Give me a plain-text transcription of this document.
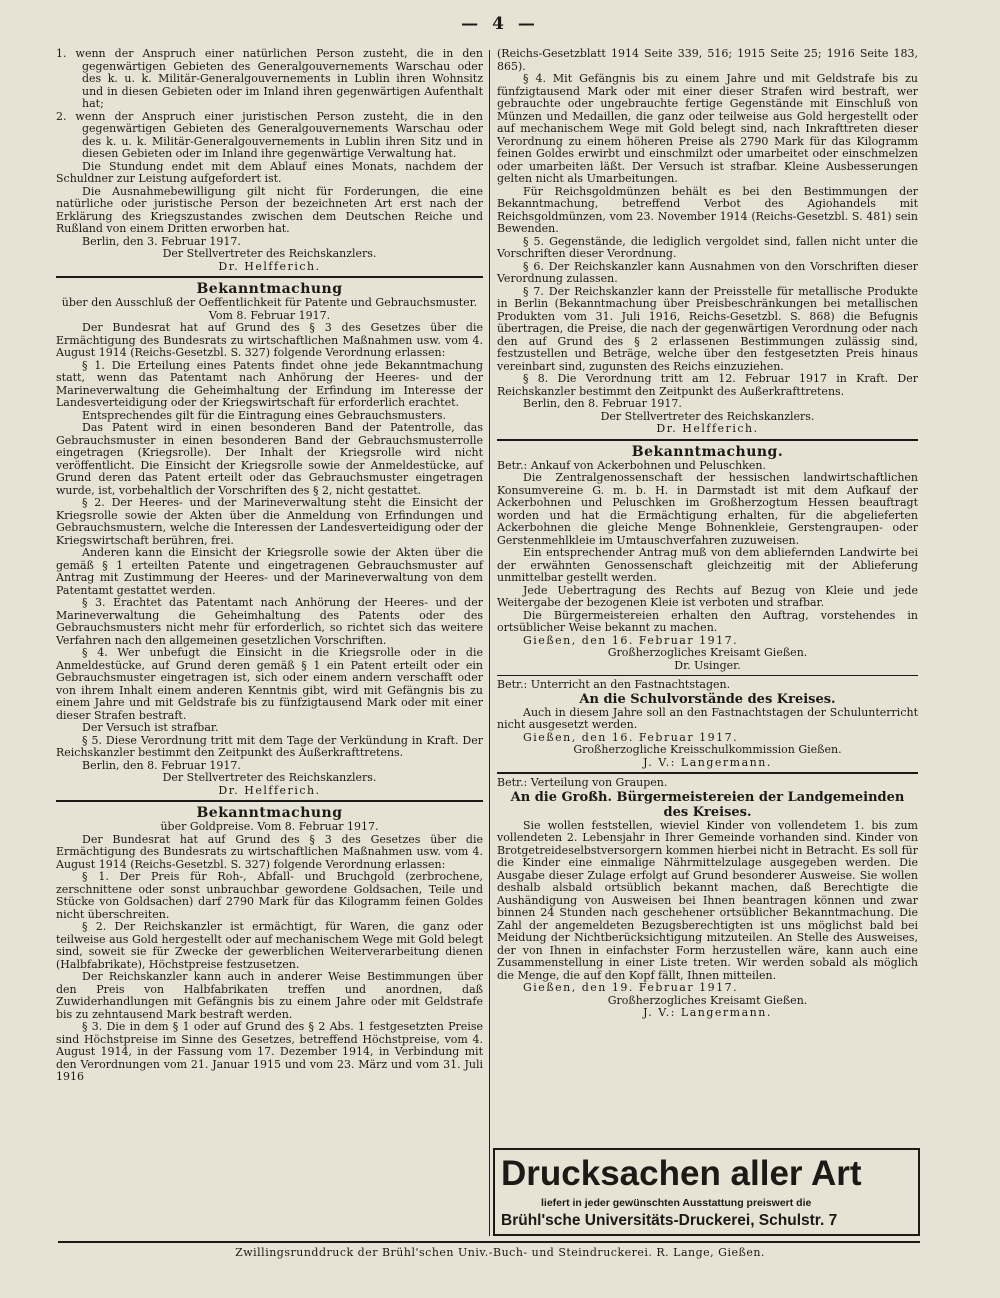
— 4 —

1. wenn der Anspruch einer natürlichen Person zusteht, die in den gegenwärtigen Gebieten des Generalgouvernements Warschau oder des k. u. k. Militär-Generalgouvernements in Lublin ihren Wohnsitz und in diesen Gebieten oder im Inland ihren gegenwärtigen Aufenthalt hat;

2. wenn der Anspruch einer juristischen Person zusteht, die in den gegenwärtigen Gebieten des Generalgouvernements Warschau oder des k. u. k. Militär-Generalgouvernements in Lublin ihren Sitz und in diesen Gebieten oder im Inland ihre gegenwärtige Verwaltung hat.

Die Stundung endet mit dem Ablauf eines Monats, nachdem der Schuldner zur Leistung aufgefordert ist.

Die Ausnahmebewilligung gilt nicht für Forderungen, die eine natürliche oder juristische Person der bezeichneten Art erst nach der Erklärung des Kriegszustandes zwischen dem Deutschen Reiche und Rußland von einem Dritten erworben hat.

Berlin, den 3. Februar 1917.

Der Stellvertreter des Reichskanzlers.

Dr. Helfferich.

Bekanntmachung

über den Ausschluß der Oeffentlichkeit für Patente und Gebrauchsmuster. Vom 8. Februar 1917.

Der Bundesrat hat auf Grund des § 3 des Gesetzes über die Ermächtigung des Bundesrats zu wirtschaftlichen Maßnahmen usw. vom 4. August 1914 (Reichs-Gesetzbl. S. 327) folgende Verordnung erlassen:

§ 1. Die Erteilung eines Patents findet ohne jede Bekanntmachung statt, wenn das Patentamt nach Anhörung der Heeres- und der Marineverwaltung die Geheimhaltung der Erfindung im Interesse der Landesverteidigung oder der Kriegswirtschaft für erforderlich erachtet.

Entsprechendes gilt für die Eintragung eines Gebrauchsmusters.

Das Patent wird in einen besonderen Band der Patentrolle, das Gebrauchsmuster in einen besonderen Band der Gebrauchsmusterrolle eingetragen (Kriegsrolle). Der Inhalt der Kriegsrolle wird nicht veröffentlicht. Die Einsicht der Kriegsrolle sowie der Anmeldestücke, auf Grund deren das Patent erteilt oder das Gebrauchsmuster eingetragen wurde, ist, vorbehaltlich der Vorschriften des § 2, nicht gestattet.

§ 2. Der Heeres- und der Marineverwaltung steht die Einsicht der Kriegsrolle sowie der Akten über die Anmeldung von Erfindungen und Gebrauchsmustern, welche die Interessen der Landesverteidigung oder der Kriegswirtschaft berühren, frei.

Anderen kann die Einsicht der Kriegsrolle sowie der Akten über die gemäß § 1 erteilten Patente und eingetragenen Gebrauchsmuster auf Antrag mit Zustimmung der Heeres- und der Marineverwaltung von dem Patentamt gestattet werden.

§ 3. Erachtet das Patentamt nach Anhörung der Heeres- und der Marineverwaltung die Geheimhaltung des Patents oder des Gebrauchsmusters nicht mehr für erforderlich, so richtet sich das weitere Verfahren nach den allgemeinen gesetzlichen Vorschriften.

§ 4. Wer unbefugt die Einsicht in die Kriegsrolle oder in die Anmeldestücke, auf Grund deren gemäß § 1 ein Patent erteilt oder ein Gebrauchsmuster eingetragen ist, sich oder einem andern verschafft oder von ihrem Inhalt einem anderen Kenntnis gibt, wird mit Gefängnis bis zu einem Jahre und mit Geldstrafe bis zu fünfzigtausend Mark oder mit einer dieser Strafen bestraft.

Der Versuch ist strafbar.

§ 5. Diese Verordnung tritt mit dem Tage der Verkündung in Kraft. Der Reichskanzler bestimmt den Zeitpunkt des Außerkrafttretens.

Berlin, den 8. Februar 1917.

Der Stellvertreter des Reichskanzlers.

Dr. Helfferich.

Bekanntmachung

über Goldpreise. Vom 8. Februar 1917.

Der Bundesrat hat auf Grund des § 3 des Gesetzes über die Ermächtigung des Bundesrats zu wirtschaftlichen Maßnahmen usw. vom 4. August 1914 (Reichs-Gesetzbl. S. 327) folgende Verordnung erlassen:

§ 1. Der Preis für Roh-, Abfall- und Bruchgold (zerbrochene, zerschnittene oder sonst unbrauchbar gewordene Goldsachen, Teile und Stücke von Goldsachen) darf 2790 Mark für das Kilogramm feinen Goldes nicht überschreiten.

§ 2. Der Reichskanzler ist ermächtigt, für Waren, die ganz oder teilweise aus Gold hergestellt oder auf mechanischem Wege mit Gold belegt sind, soweit sie für Zwecke der gewerblichen Weiterverarbeitung dienen (Halbfabrikate), Höchstpreise festzusetzen.

Der Reichskanzler kann auch in anderer Weise Bestimmungen über den Preis von Halbfabrikaten treffen und anordnen, daß Zuwiderhandlungen mit Gefängnis bis zu einem Jahre oder mit Geldstrafe bis zu zehntausend Mark bestraft werden.

§ 3. Die in dem § 1 oder auf Grund des § 2 Abs. 1 festgesetzten Preise sind Höchstpreise im Sinne des Gesetzes, betreffend Höchstpreise, vom 4. August 1914, in der Fassung vom 17. Dezember 1914, in Verbindung mit den Verordnungen vom 21. Januar 1915 und vom 23. März und vom 31. Juli 1916

(Reichs-Gesetzblatt 1914 Seite 339, 516; 1915 Seite 25; 1916 Seite 183, 865).

§ 4. Mit Gefängnis bis zu einem Jahre und mit Geldstrafe bis zu fünfzigtausend Mark oder mit einer dieser Strafen wird bestraft, wer gebrauchte oder ungebrauchte fertige Gegenstände mit Einschluß von Münzen und Medaillen, die ganz oder teilweise aus Gold hergestellt oder auf mechanischem Wege mit Gold belegt sind, nach Inkrafttreten dieser Verordnung zu einem höheren Preise als 2790 Mark für das Kilogramm feinen Goldes erwirbt und einschmilzt oder umarbeitet oder einschmelzen oder umarbeiten läßt. Der Versuch ist strafbar. Kleine Ausbesserungen gelten nicht als Umarbeitungen.

Für Reichsgoldmünzen behält es bei den Bestimmungen der Bekanntmachung, betreffend Verbot des Agiohandels mit Reichsgoldmünzen, vom 23. November 1914 (Reichs-Gesetzbl. S. 481) sein Bewenden.

§ 5. Gegenstände, die lediglich vergoldet sind, fallen nicht unter die Vorschriften dieser Verordnung.

§ 6. Der Reichskanzler kann Ausnahmen von den Vorschriften dieser Verordnung zulassen.

§ 7. Der Reichskanzler kann der Preisstelle für metallische Produkte in Berlin (Bekanntmachung über Preisbeschränkungen bei metallischen Produkten vom 31. Juli 1916, Reichs-Gesetzbl. S. 868) die Befugnis übertragen, die Preise, die nach der gegenwärtigen Verordnung oder nach den auf Grund des § 2 erlassenen Bestimmungen zulässig sind, festzustellen und Beträge, welche über den festgesetzten Preis hinaus vereinbart sind, zugunsten des Reichs einzuziehen.

§ 8. Die Verordnung tritt am 12. Februar 1917 in Kraft. Der Reichskanzler bestimmt den Zeitpunkt des Außerkrafttretens.

Berlin, den 8. Februar 1917.

Der Stellvertreter des Reichskanzlers.

Dr. Helfferich.

Bekanntmachung.

Betr.: Ankauf von Ackerbohnen und Peluschken.

Die Zentralgenossenschaft der hessischen landwirtschaftlichen Konsumvereine G. m. b. H. in Darmstadt ist mit dem Aufkauf der Ackerbohnen und Peluschken im Großherzogtum Hessen beauftragt worden und hat die Ermächtigung erhalten, für die abgelieferten Ackerbohnen die gleiche Menge Bohnenkleie, Gerstengraupen- oder Gerstenmehlkleie im Umtauschverfahren zuzuweisen.

Ein entsprechender Antrag muß von dem abliefernden Landwirte bei der erwähnten Genossenschaft gleichzeitig mit der Ablieferung unmittelbar gestellt werden.

Jede Uebertragung des Rechts auf Bezug von Kleie und jede Weitergabe der bezogenen Kleie ist verboten und strafbar.

Die Bürgermeistereien erhalten den Auftrag, vorstehendes in ortsüblicher Weise bekannt zu machen.

Gießen, den 16. Februar 1917.

Großherzogliches Kreisamt Gießen.

Dr. Usinger.

Betr.: Unterricht an den Fastnachtstagen.

An die Schulvorstände des Kreises.

Auch in diesem Jahre soll an den Fastnachtstagen der Schulunterricht nicht ausgesetzt werden.

Gießen, den 16. Februar 1917.

Großherzogliche Kreisschulkommission Gießen.

J. V.: Langermann.

Betr.: Verteilung von Graupen.

An die Großh. Bürgermeistereien der Landgemeinden des Kreises.

Sie wollen feststellen, wieviel Kinder von vollendetem 1. bis zum vollendeten 2. Lebensjahr in Ihrer Gemeinde vorhanden sind. Kinder von Brotgetreideselbstversorgern kommen hierbei nicht in Betracht. Es soll für die Kinder eine einmalige Nährmittelzulage ausgegeben werden. Die Ausgabe dieser Zulage erfolgt auf Grund besonderer Ausweise. Sie wollen deshalb alsbald ortsüblich bekannt machen, daß Berechtigte die Aushändigung von Ausweisen bei Ihnen beantragen können und zwar binnen 24 Stunden nach geschehener ortsüblicher Bekanntmachung. Die Zahl der angemeldeten Bezugsberechtigten ist uns möglichst bald bei Meidung der Nichtberücksichtigung mitzuteilen. An Stelle des Ausweises, der von Ihnen in einfachster Form herzustellen wäre, kann auch eine Zusammenstellung in einer Liste treten. Wir werden sobald als möglich die Menge, die auf den Kopf fällt, Ihnen mitteilen.

Gießen, den 19. Februar 1917.

Großherzogliches Kreisamt Gießen.

J. V.: Langermann.

Drucksachen aller Art
liefert in jeder gewünschten Ausstattung preiswert die
Brühl'sche Universitäts-Druckerei, Schulstr. 7
Zwillingsrunddruck der Brühl'schen Univ.-Buch- und Steindruckerei. R. Lange, Gießen.
